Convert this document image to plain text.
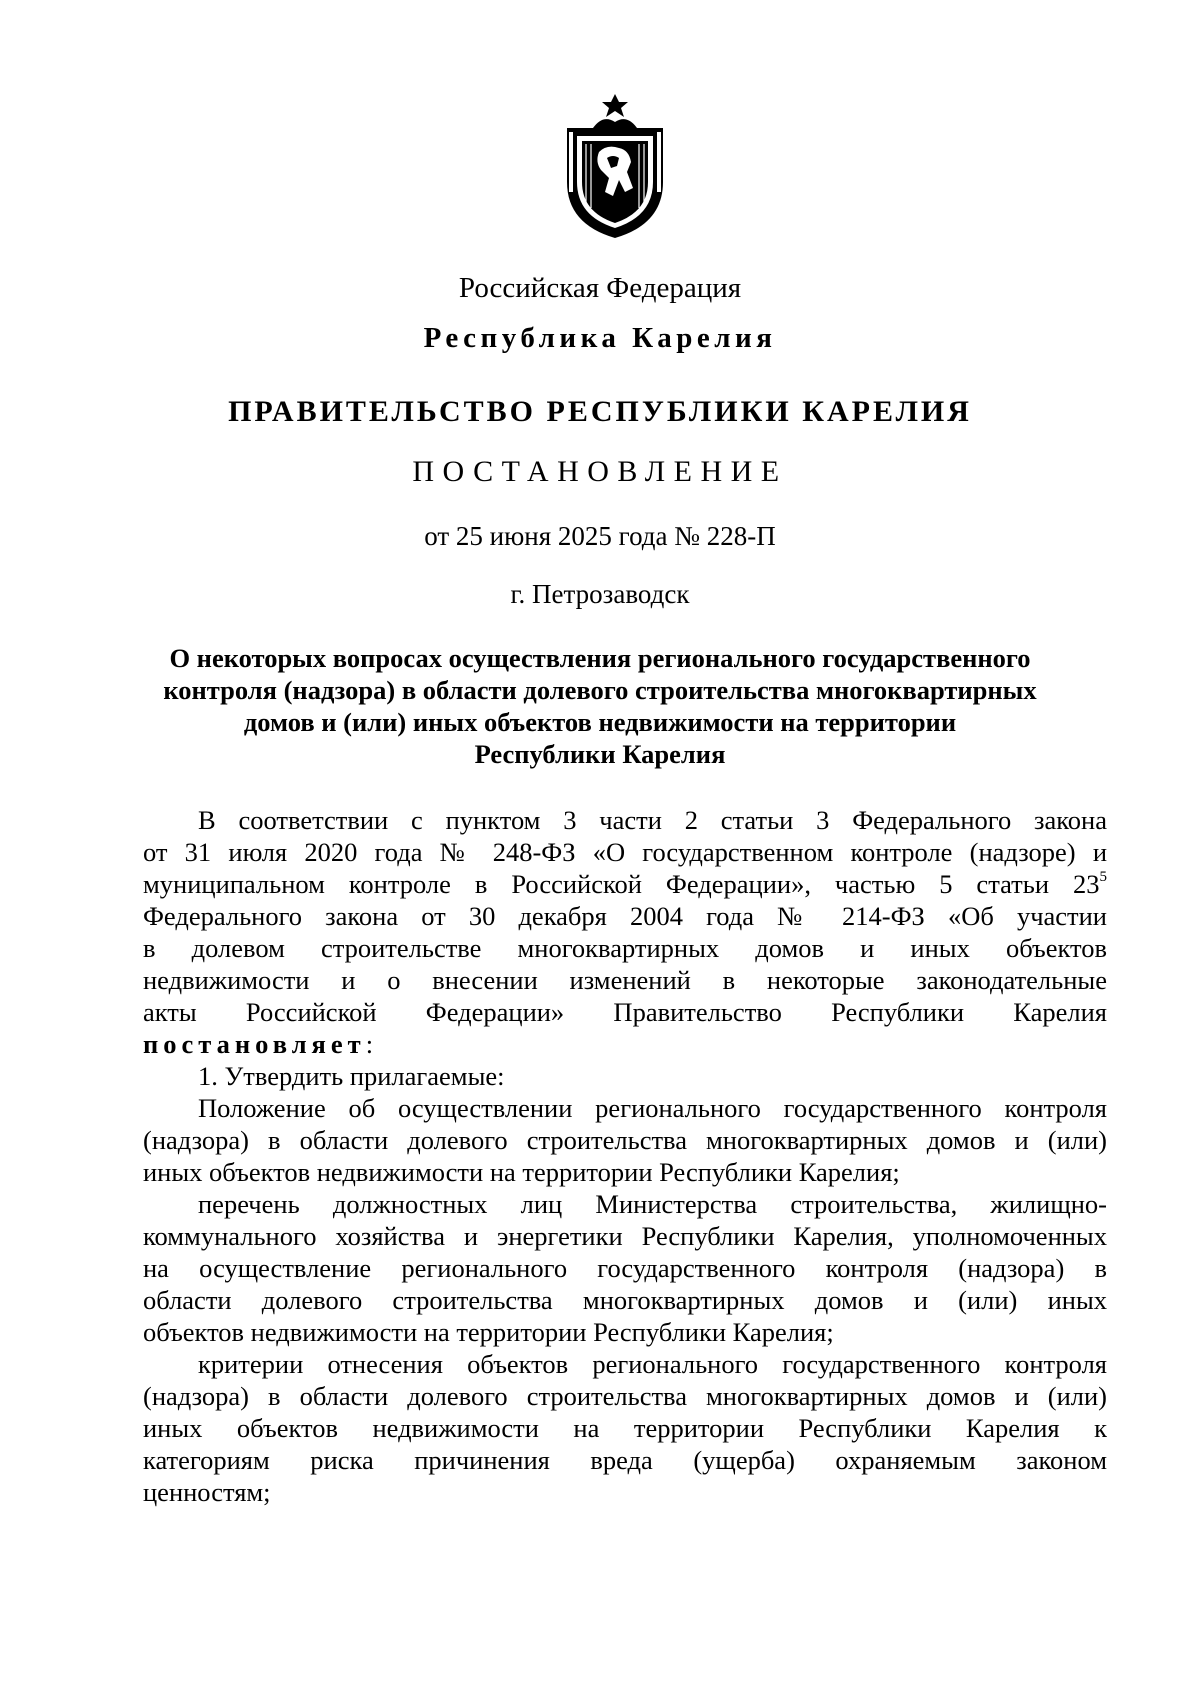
Российская Федерация
Республика Карелия
ПРАВИТЕЛЬСТВО РЕСПУБЛИКИ КАРЕЛИЯ
ПОСТАНОВЛЕНИЕ
от 25 июня 2025 года № 228-П
г. Петрозаводск
О некоторых вопросах осуществления регионального государственного
контроля (надзора) в области долевого строительства многоквартирных
домов и (или) иных объектов недвижимости на территории
Республики Карелия
В соответствии с пунктом 3 части 2 статьи 3 Федерального закона
от 31 июля 2020 года № 248-ФЗ «О государственном контроле (надзоре) и
муниципальном контроле в Российской Федерации», частью 5 статьи $23^5$
Федерального закона от 30 декабря 2004 года № 214-ФЗ «Об участии
в долевом строительстве многоквартирных домов и иных объектов
недвижимости и о внесении изменений в некоторые законодательные
акты Российской Федерации» Правительство Республики Карелия
постановляет:
1. Утвердить прилагаемые:
Положение об осуществлении регионального государственного контроля
(надзора) в области долевого строительства многоквартирных домов и (или)
иных объектов недвижимости на территории Республики Карелия;
перечень должностных лиц Министерства строительства, жилищно-
коммунального хозяйства и энергетики Республики Карелия, уполномоченных
на осуществление регионального государственного контроля (надзора) в
области долевого строительства многоквартирных домов и (или) иных
объектов недвижимости на территории Республики Карелия;
критерии отнесения объектов регионального государственного контроля
(надзора) в области долевого строительства многоквартирных домов и (или)
иных объектов недвижимости на территории Республики Карелия к
категориям риска причинения вреда (ущерба) охраняемым законом
ценностям;
